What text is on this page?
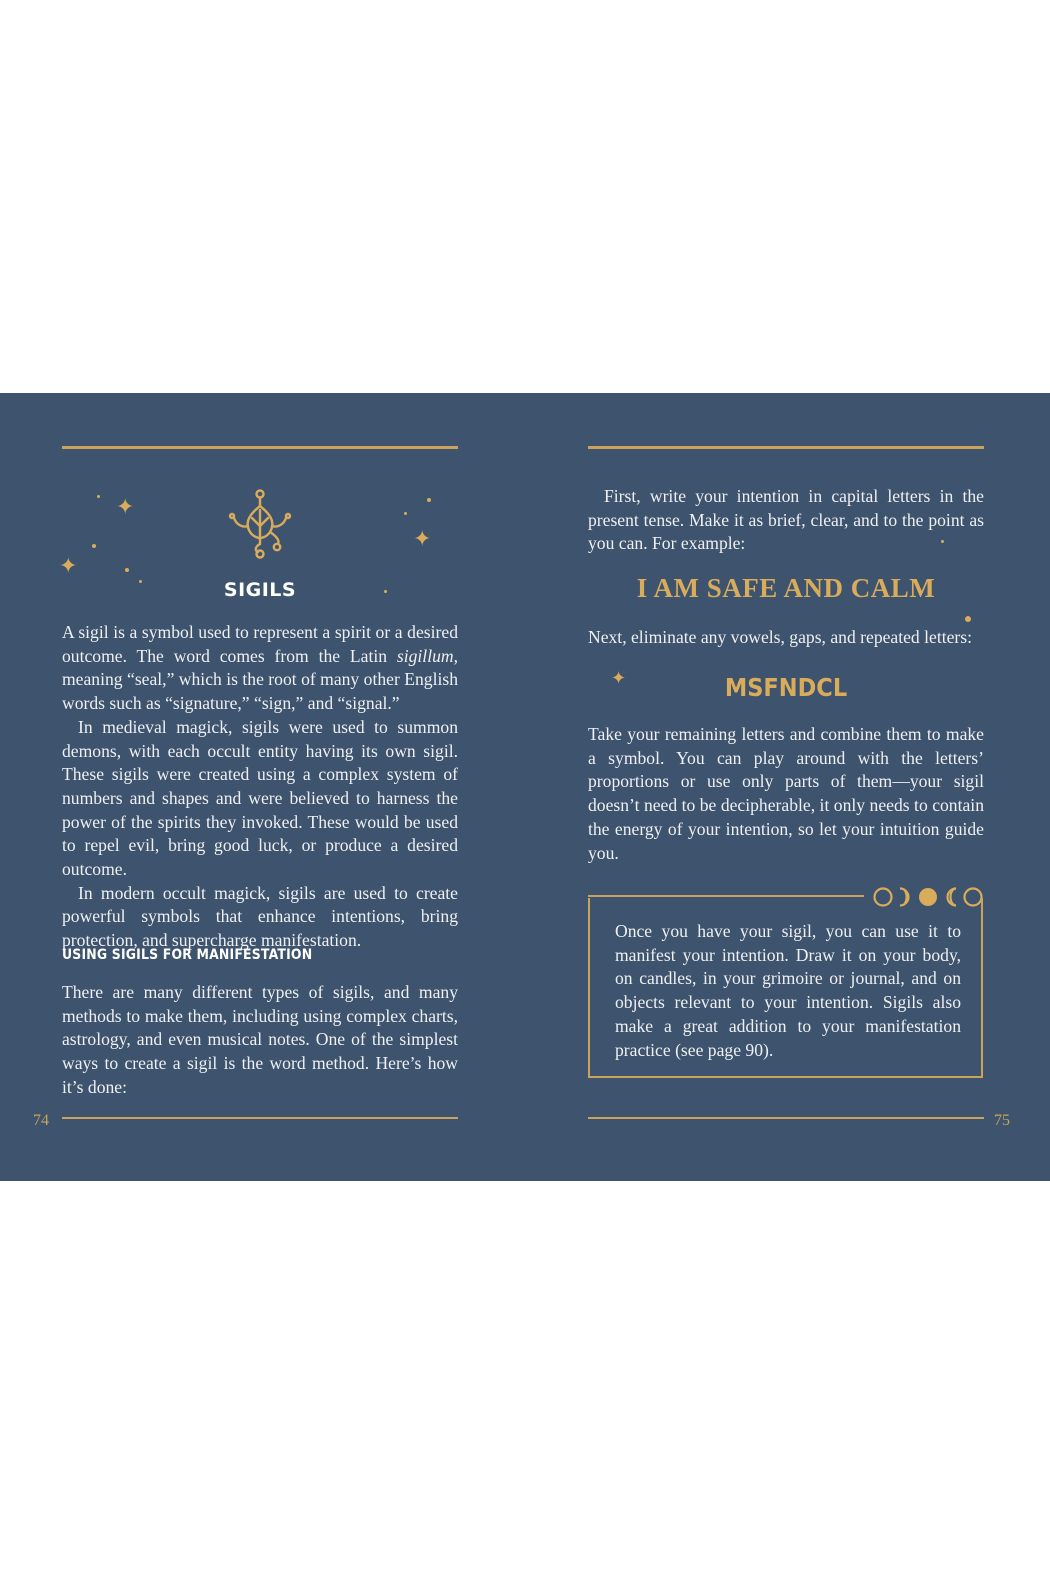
✦
✦
✦
SIGILS

A sigil is a symbol used to represent a spirit or a desired outcome. The word comes from the Latin sigillum, meaning “seal,” which is the root of many other English words such as “signature,” “sign,” and “signal.”

In medieval magick, sigils were used to summon demons, with each occult entity having its own sigil. These sigils were created using a complex system of numbers and shapes and were believed to harness the power of the spirits they invoked. These would be used to repel evil, bring good luck, or produce a desired outcome.

In modern occult magick, sigils are used to create powerful symbols that enhance intentions, bring protection, and supercharge manifestation.

USING SIGILS FOR MANIFESTATION
There are many different types of sigils, and many methods to make them, including using complex charts, astrology, and even musical notes. One of the simplest ways to create a sigil is the word method. Here’s how it’s done:
74
First, write your intention in capital letters in the present tense. Make it as brief, clear, and to the point as you can. For example:
I AM SAFE AND CALM
Next, eliminate any vowels, gaps, and repeated letters:
✦	MSFNDCL
Take your remaining letters and combine them to make a symbol. You can play around with the letters’ proportions or use only parts of them—your sigil doesn’t need to be decipherable, it only needs to contain the energy of your intention, so let your intuition guide you.
Once you have your sigil, you can use it to manifest your intention. Draw it on your body, on candles, in your grimoire or journal, and on objects relevant to your intention. Sigils also make a great addition to your manifestation practice (see page 90).
75
